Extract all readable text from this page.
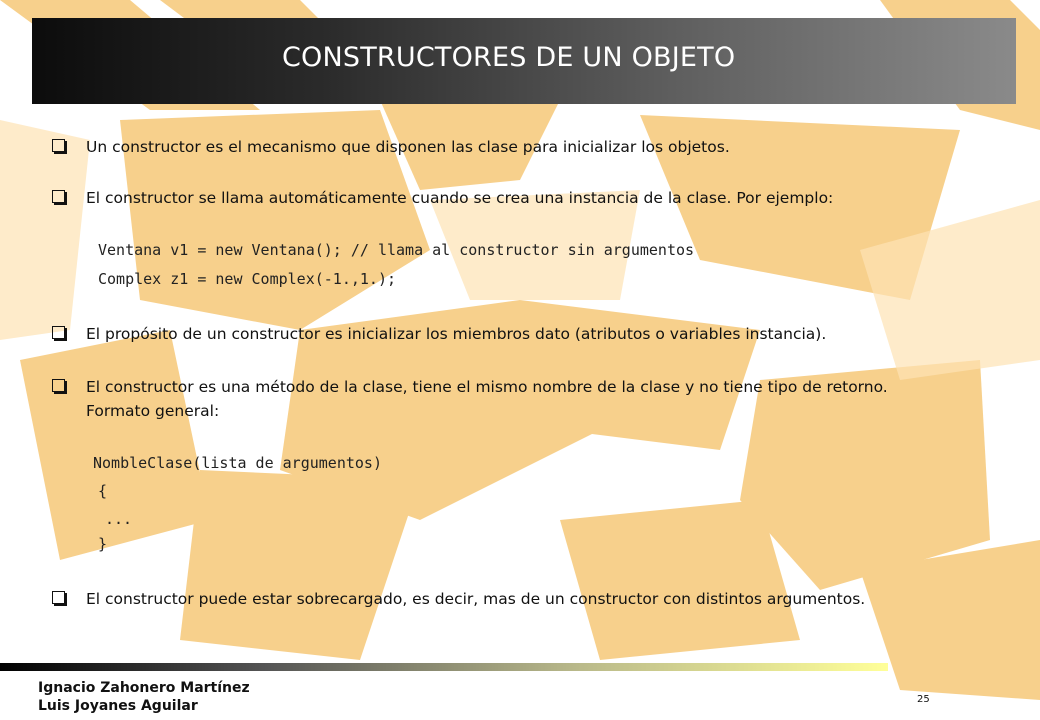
CONSTRUCTORES DE UN OBJETO
Un constructor es el mecanismo que disponen las clase para inicializar los objetos.
El constructor se llama automáticamente cuando se crea una instancia de la clase. Por ejemplo:
Ventana v1 = new Ventana(); // llama al constructor sin argumentos
Complex z1 = new Complex(-1.,1.);
El propósito de un constructor es inicializar los miembros dato (atributos o variables instancia).
El constructor es una método de la clase, tiene el mismo nombre de la clase y no tiene tipo de retorno.
Formato general:
NombleClase(lista de argumentos)
{
...
}
El constructor puede estar sobrecargado, es decir, mas de un constructor con distintos argumentos.
Ignacio Zahonero Martínez
Luis Joyanes Aguilar	25
